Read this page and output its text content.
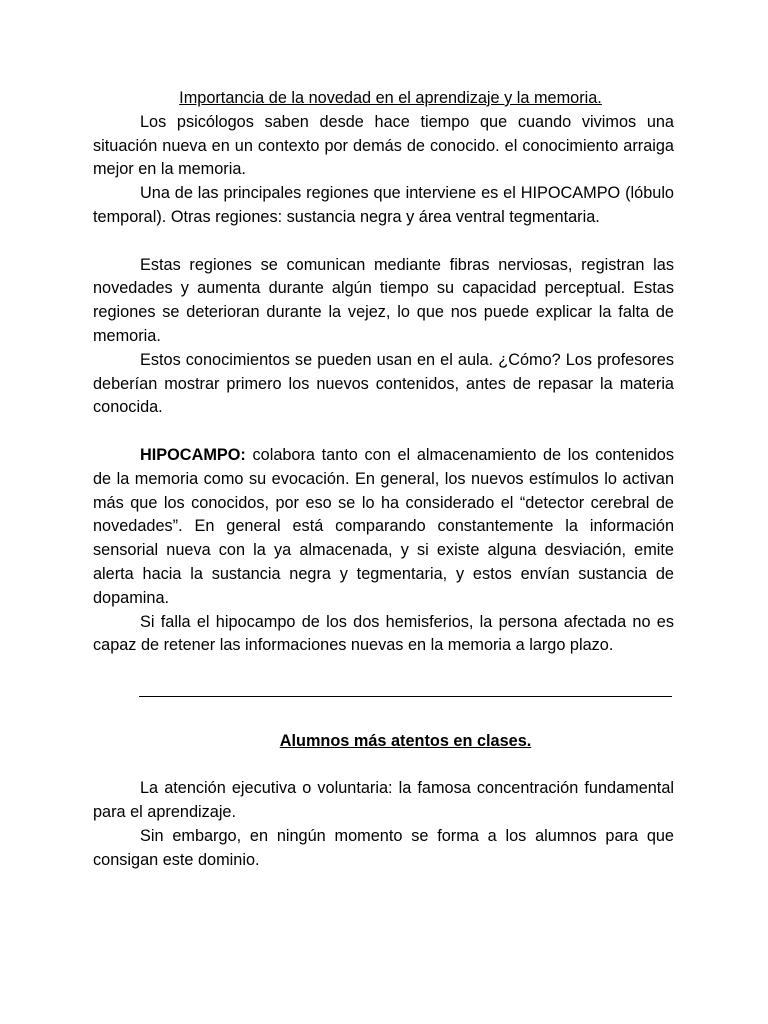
Importancia de la novedad en el aprendizaje y la memoria.

Los psicólogos saben desde hace tiempo que cuando vivimos una situación nueva en un contexto por demás de conocido. el conocimiento arraiga mejor en la memoria.

Una de las principales regiones que interviene es el HIPOCAMPO (lóbulo temporal). Otras regiones: sustancia negra y área ventral tegmentaria.

Estas regiones se comunican mediante fibras nerviosas, registran las novedades y aumenta durante algún tiempo su capacidad perceptual. Estas regiones se deterioran durante la vejez, lo que nos puede explicar la falta de memoria.

Estos conocimientos se pueden usan en el aula. ¿Cómo? Los profesores deberían mostrar primero los nuevos contenidos, antes de repasar la materia conocida.

HIPOCAMPO: colabora tanto con el almacenamiento de los contenidos de la memoria como su evocación. En general, los nuevos estímulos lo activan más que los conocidos, por eso se lo ha considerado el “detector cerebral de novedades”. En general está comparando constantemente la información sensorial nueva con la ya almacenada, y si existe alguna desviación, emite alerta hacia la sustancia negra y tegmentaria, y estos envían sustancia de dopamina.

Si falla el hipocampo de los dos hemisferios, la persona afectada no es capaz de retener las informaciones nuevas en la memoria a largo plazo.

Alumnos más atentos en clases.

La atención ejecutiva o voluntaria: la famosa concentración fundamental para el aprendizaje.

Sin embargo, en ningún momento se forma a los alumnos para que consigan este dominio.
